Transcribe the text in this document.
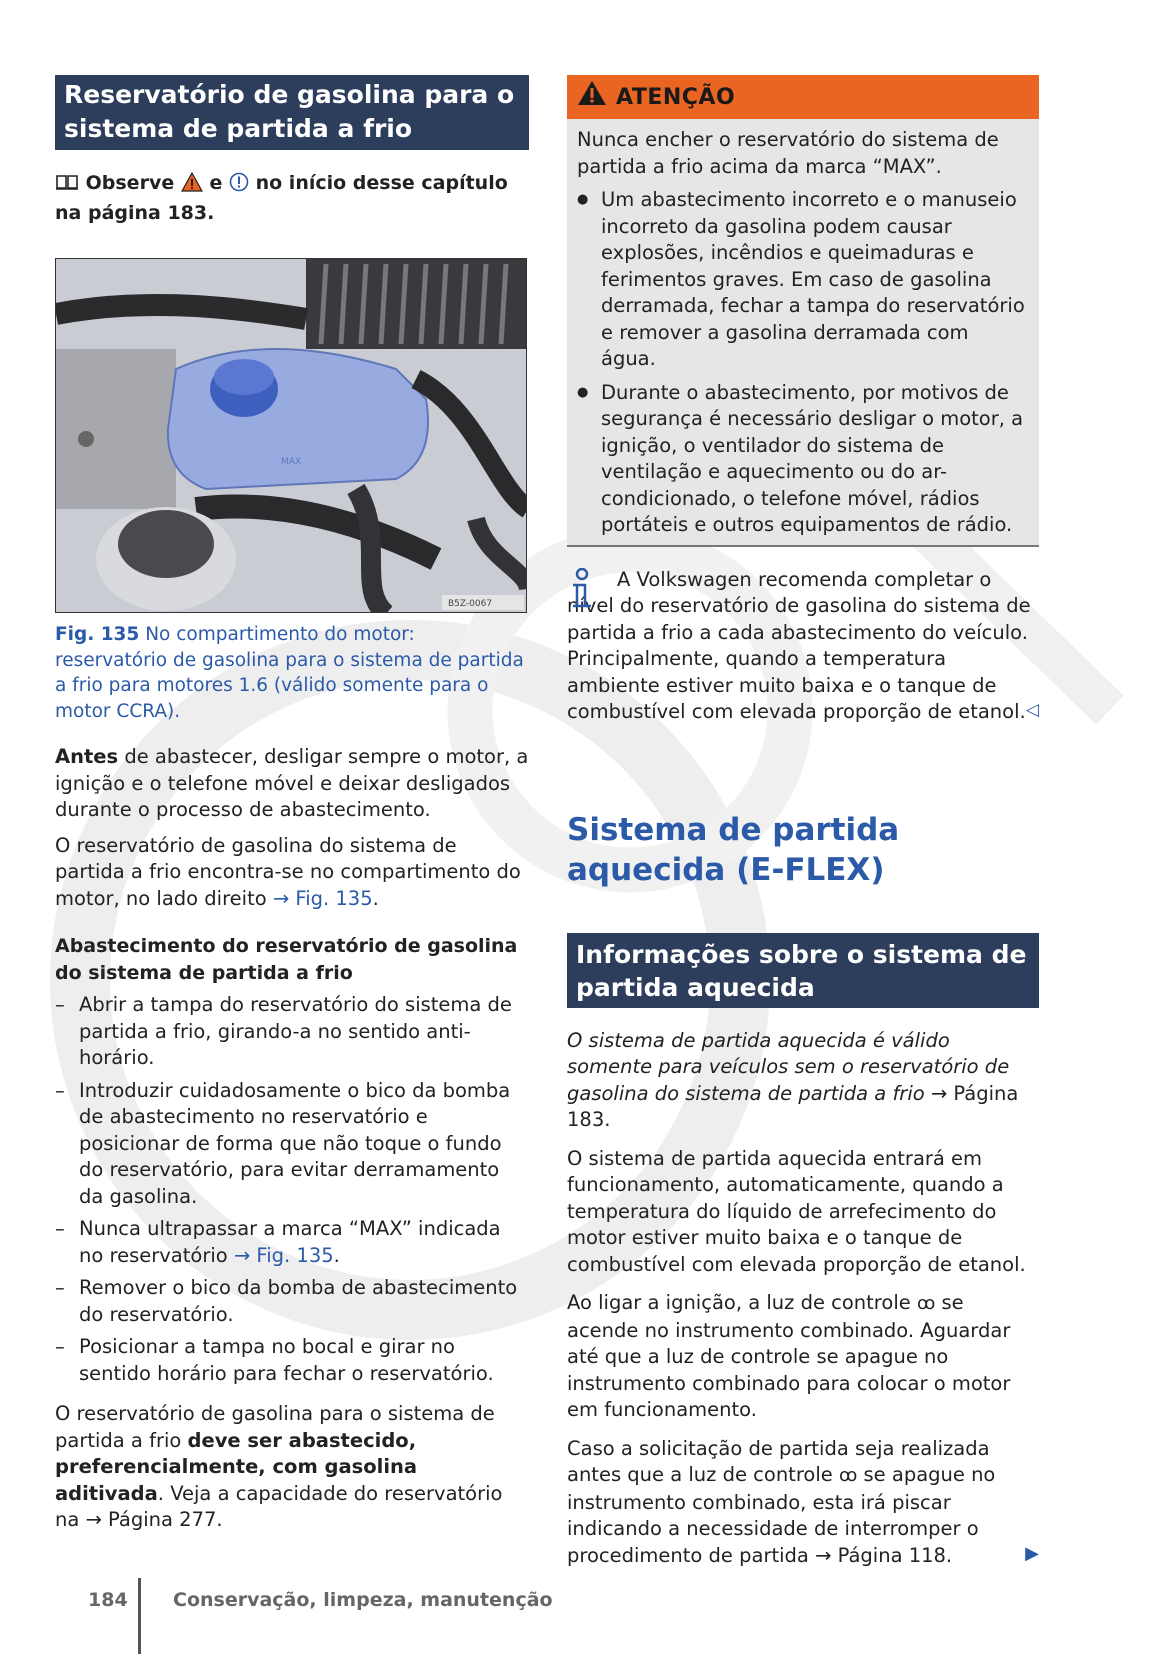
Reservatório de gasolina para o sistema de partida a frio

Observe e no início desse capítulo na página 183.

MAX
B5Z-0067

Fig. 135 No compartimento do motor: reservatório de gasolina para o sistema de partida a frio para motores 1.6 (válido somente para o motor CCRA).

Antes de abastecer, desligar sempre o motor, a ignição e o telefone móvel e deixar desligados durante o processo de abastecimento.

O reservatório de gasolina do sistema de partida a frio encontra-se no compartimento do motor, no lado direito → Fig. 135.

Abastecimento do reservatório de gasolina do sistema de partida a frio

– Abrir a tampa do reservatório do sistema de partida a frio, girando-a no sentido anti-horário.
– Introduzir cuidadosamente o bico da bomba de abastecimento no reservatório e posicionar de forma que não toque o fundo do reservatório, para evitar derramamento da gasolina.
– Nunca ultrapassar a marca “MAX” indicada no reservatório → Fig. 135.
– Remover o bico da bomba de abastecimento do reservatório.
– Posicionar a tampa no bocal e girar no sentido horário para fechar o reservatório.

O reservatório de gasolina para o sistema de partida a frio deve ser abastecido, preferencialmente, com gasolina aditivada. Veja a capacidade do reservatório na → Página 277.

ATENÇÃO

Nunca encher o reservatório do sistema de partida a frio acima da marca “MAX”.

● Um abastecimento incorreto e o manuseio incorreto da gasolina podem causar explosões, incêndios e queimaduras e ferimentos graves. Em caso de gasolina derramada, fechar a tampa do reservatório e remover a gasolina derramada com água.
● Durante o abastecimento, por motivos de segurança é necessário desligar o motor, a ignição, o ventilador do sistema de ventilação e aquecimento ou do ar-condicionado, o telefone móvel, rádios portáteis e outros equipamentos de rádio.

A Volkswagen recomenda completar o nível do reservatório de gasolina do sistema de partida a frio a cada abastecimento do veículo. Principalmente, quando a temperatura ambiente estiver muito baixa e o tanque de combustível com elevada proporção de etanol. ◁

Sistema de partida aquecida (E-FLEX)

Informações sobre o sistema de partida aquecida

O sistema de partida aquecida é válido somente para veículos sem o reservatório de gasolina do sistema de partida a frio → Página 183.

O sistema de partida aquecida entrará em funcionamento, automaticamente, quando a temperatura do líquido de arrefecimento do motor estiver muito baixa e o tanque de combustível com elevada proporção de etanol.

Ao ligar a ignição, a luz de controle ꝏ se acende no instrumento combinado. Aguardar até que a luz de controle se apague no instrumento combinado para colocar o motor em funcionamento.

Caso a solicitação de partida seja realizada antes que a luz de controle ꝏ se apague no instrumento combinado, esta irá piscar indicando a necessidade de interromper o procedimento de partida → Página 118.	▶
184 Conservação, limpeza, manutenção
